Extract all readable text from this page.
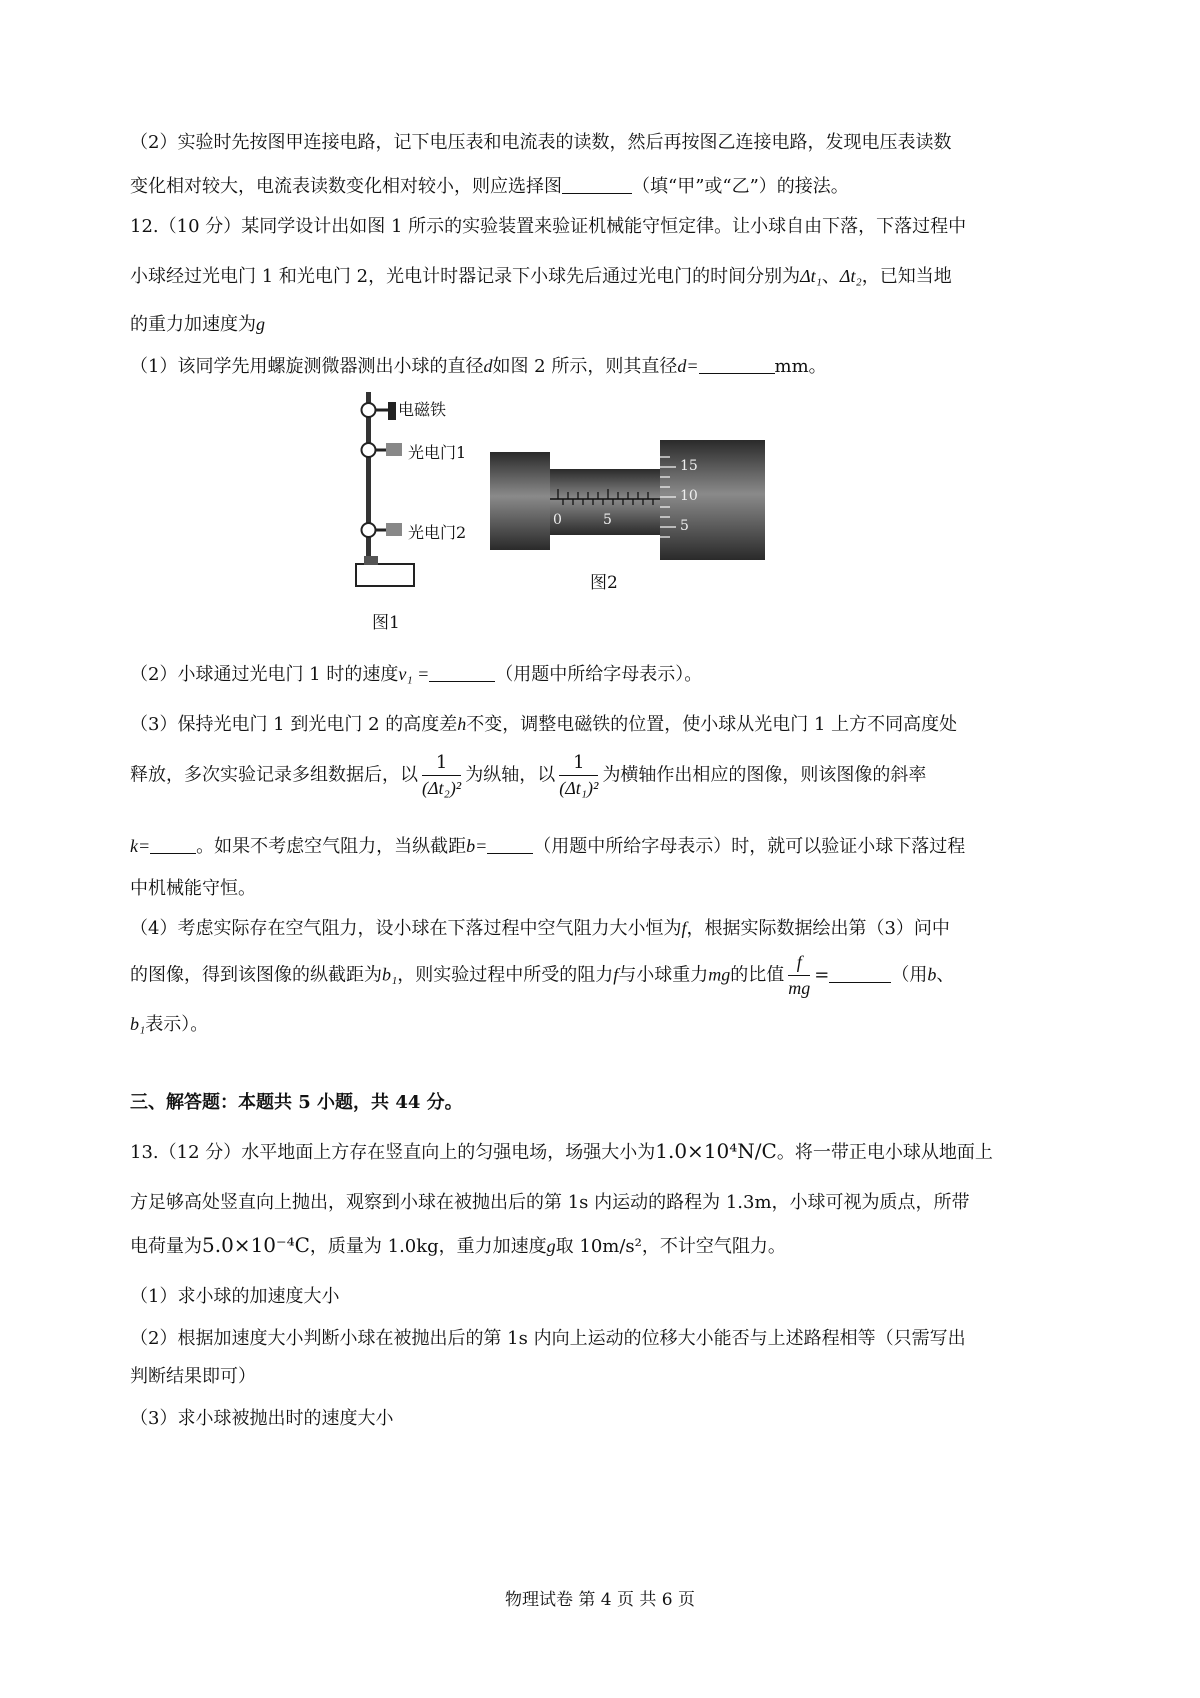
（2）实验时先按图甲连接电路，记下电压表和电流表的读数，然后再按图乙连接电路，发现电压表读数
变化相对较大，电流表读数变化相对较小，则应选择图	（填“甲”或“乙”）的接法。
12.（10 分）某同学设计出如图 1 所示的实验装置来验证机械能守恒定律。让小球自由下落，下落过程中
小球经过光电门 1 和光电门 2，光电计时器记录下小球先后通过光电门的时间分别为Δt₁、Δt₂，已知当地
的重力加速度为g
（1）该同学先用螺旋测微器测出小球的直径d如图 2 所示，则其直径d=	mm。
电磁铁
光电门1
光电门2
图1
0	5
15
10
5
图2
（2）小球通过光电门 1 时的速度v₁ =	（用题中所给字母表示）。
（3）保持光电门 1 到光电门 2 的高度差h不变，调整电磁铁的位置，使小球从光电门 1 上方不同高度处
释放，多次实验记录多组数据后，以 $\frac{1}{\text{(Δt₂)²}}$ 为纵轴，以 $\frac{1}{\text{(Δt₁)²}}$ 为横轴作出相应的图像，则该图像的斜率
k=	。如果不考虑空气阻力，当纵截距b=	（用题中所给字母表示）时，就可以验证小球下落过程
中机械能守恒。
（4）考虑实际存在空气阻力，设小球在下落过程中空气阻力大小恒为f，根据实际数据绘出第（3）问中
的图像，得到该图像的纵截距为b₁，则实验过程中所受的阻力f与小球重力mg的比值 $\frac{f}{mg}$ =	（用b、
b₁表示）。
三、解答题：本题共 5 小题，共 44 分。
13.（12 分）水平地面上方存在竖直向上的匀强电场，场强大小为1.0×10⁴N/C。将一带正电小球从地面上
方足够高处竖直向上抛出，观察到小球在被抛出后的第 1s 内运动的路程为 1.3m，小球可视为质点，所带
电荷量为5.0×10⁻⁴C，质量为 1.0kg，重力加速度g取 10m/s²，不计空气阻力。
（1）求小球的加速度大小
（2）根据加速度大小判断小球在被抛出后的第 1s 内向上运动的位移大小能否与上述路程相等（只需写出
判断结果即可）
（3）求小球被抛出时的速度大小
物理试卷 第 4 页 共 6 页
